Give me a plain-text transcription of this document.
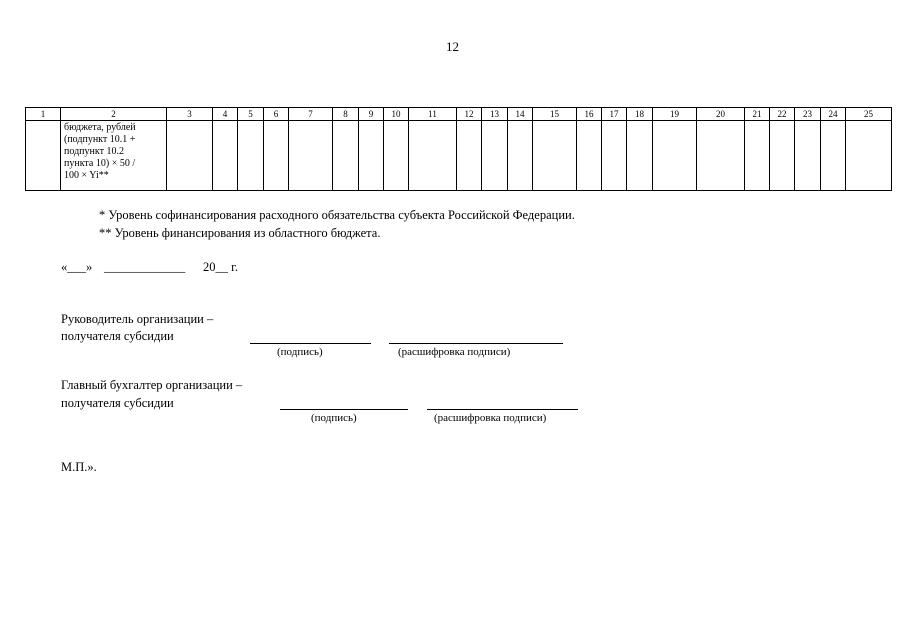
12
1	2	3	4	5	6	7	8	9	10	11	12	13	14	15	16	17	18	19	20	21	22	23	24	25

	бюджета, рублей
(подпункт 10.1 +
подпункт 10.2
пункта 10) × 50 /
100 × Yi**																							

* Уровень софинансирования расходного обязательства субъекта Российской Федерации.
** Уровень финансирования из областного бюджета.
«___» _____________ 20__ г.
Руководитель организации –
получателя субсидии
(подпись)	(расшифровка подписи)
Главный бухгалтер организации –
получателя субсидии
(подпись)	(расшифровка подписи)
М.П.».
